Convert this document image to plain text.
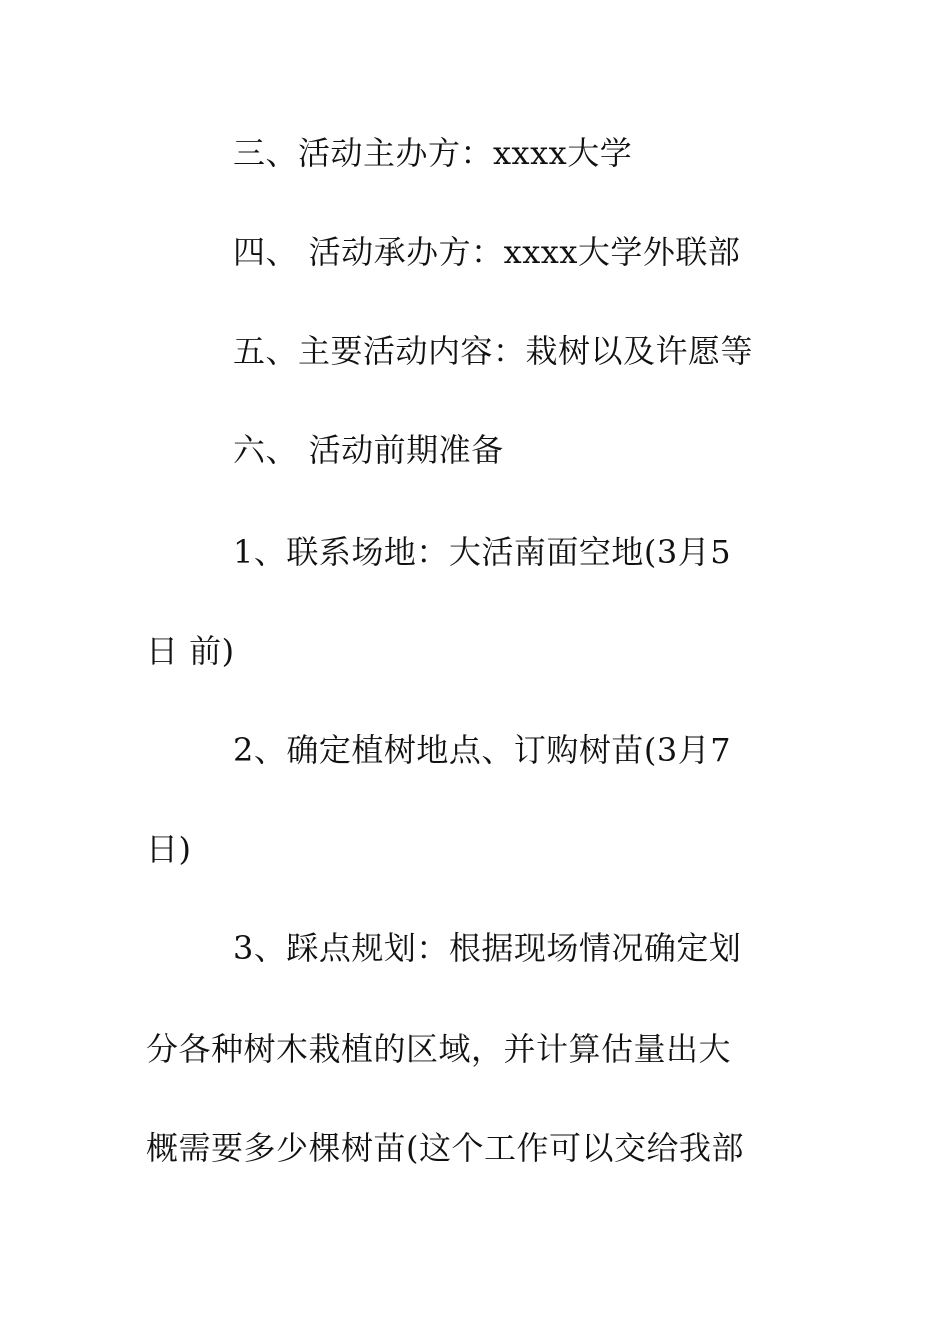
三、活动主办方：xxxx大学
四、 活动承办方：xxxx大学外联部
五、主要活动内容：栽树以及许愿等
六、 活动前期准备
1、联系场地：大活南面空地(3月5
日 前)
2、确定植树地点、订购树苗(3月7
日)
3、踩点规划：根据现场情况确定划
分各种树木栽植的区域，并计算估量出大
概需要多少棵树苗(这个工作可以交给我部
